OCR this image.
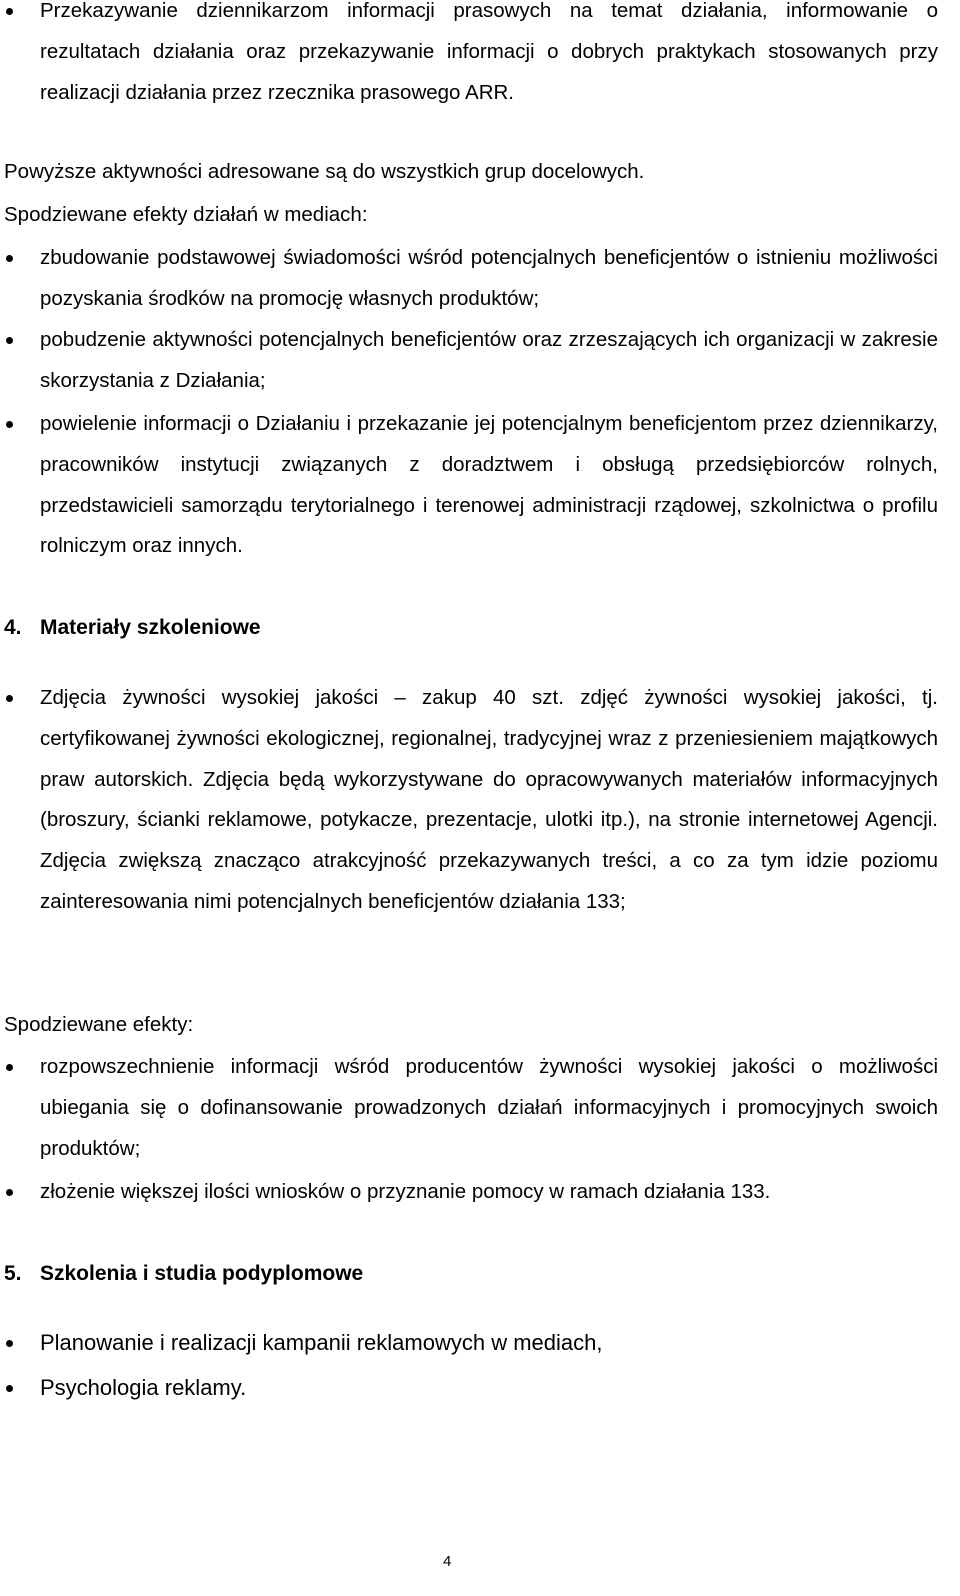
Przekazywanie dziennikarzom informacji prasowych na temat działania, informowanie o rezultatach działania oraz przekazywanie informacji o dobrych praktykach stosowanych przy realizacji działania przez rzecznika prasowego ARR.

Powyższe aktywności adresowane są do wszystkich grup docelowych.

Spodziewane efekty działań w mediach:

zbudowanie podstawowej świadomości wśród potencjalnych beneficjentów o istnieniu możliwości pozyskania środków na promocję własnych produktów;

pobudzenie aktywności potencjalnych beneficjentów oraz zrzeszających ich organizacji w zakresie skorzystania z Działania;

powielenie informacji o Działaniu i przekazanie jej potencjalnym beneficjentom przez dziennikarzy, pracowników instytucji związanych z doradztwem i obsługą przedsiębiorców rolnych, przedstawicieli samorządu terytorialnego i terenowej administracji rządowej, szkolnictwa o profilu rolniczym oraz innych.

4. Materiały szkoleniowe

Zdjęcia żywności wysokiej jakości – zakup 40 szt. zdjęć żywności wysokiej jakości, tj. certyfikowanej żywności ekologicznej, regionalnej, tradycyjnej wraz z przeniesieniem majątkowych praw autorskich. Zdjęcia będą wykorzystywane do opracowywanych materiałów informacyjnych (broszury, ścianki reklamowe, potykacze, prezentacje, ulotki itp.), na stronie internetowej Agencji. Zdjęcia zwiększą znacząco atrakcyjność przekazywanych treści, a co za tym idzie poziomu zainteresowania nimi potencjalnych beneficjentów działania 133;

Spodziewane efekty:

rozpowszechnienie informacji wśród producentów żywności wysokiej jakości o możliwości ubiegania się o dofinansowanie prowadzonych działań informacyjnych i promocyjnych swoich produktów;

złożenie większej ilości wniosków o przyznanie pomocy w ramach działania 133.

5. Szkolenia i studia podyplomowe

Planowanie i realizacji kampanii reklamowych w mediach,

Psychologia reklamy.

4
